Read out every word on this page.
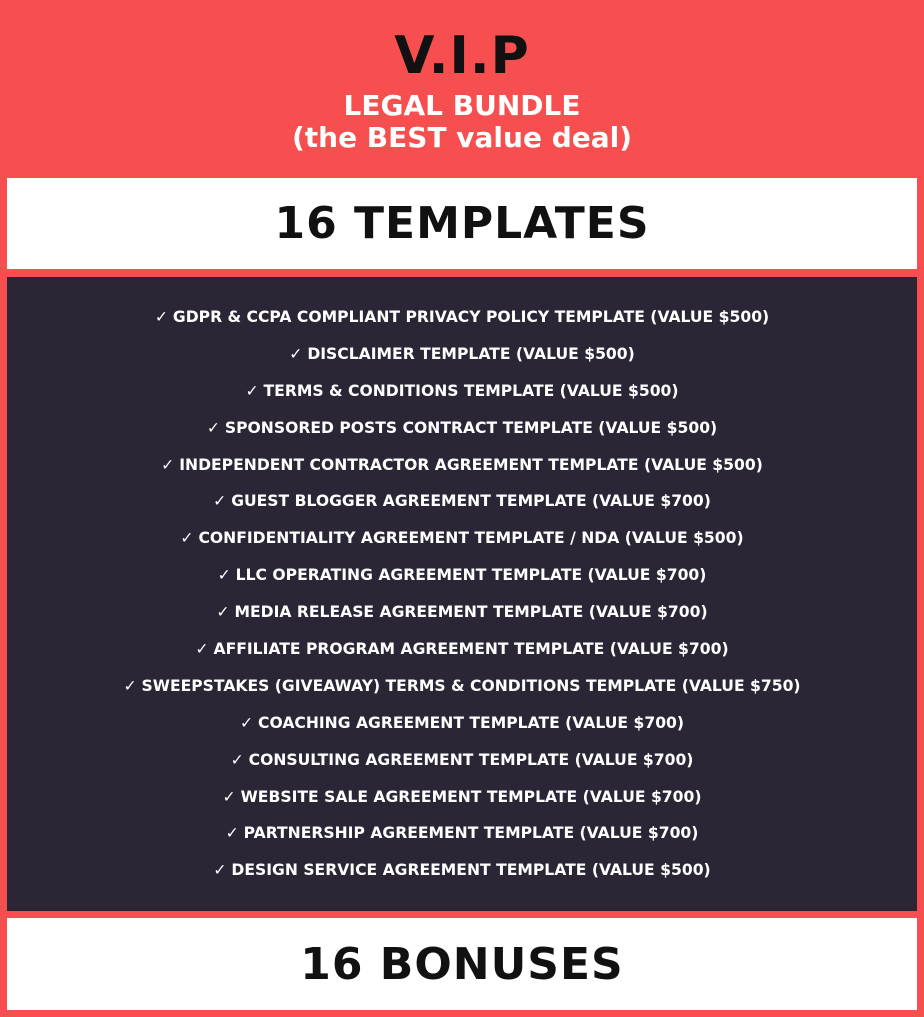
V.I.P
LEGAL BUNDLE
(the BEST value deal)
16 TEMPLATES
✓ GDPR & CCPA COMPLIANT PRIVACY POLICY TEMPLATE (VALUE $500)
✓ DISCLAIMER TEMPLATE (VALUE $500)
✓ TERMS & CONDITIONS TEMPLATE (VALUE $500)
✓ SPONSORED POSTS CONTRACT TEMPLATE (VALUE $500)
✓ INDEPENDENT CONTRACTOR AGREEMENT TEMPLATE (VALUE $500)
✓ GUEST BLOGGER AGREEMENT TEMPLATE (VALUE $700)
✓ CONFIDENTIALITY AGREEMENT TEMPLATE / NDA (VALUE $500)
✓ LLC OPERATING AGREEMENT TEMPLATE (VALUE $700)
✓ MEDIA RELEASE AGREEMENT TEMPLATE (VALUE $700)
✓ AFFILIATE PROGRAM AGREEMENT TEMPLATE (VALUE $700)
✓ SWEEPSTAKES (GIVEAWAY) TERMS & CONDITIONS TEMPLATE (VALUE $750)
✓ COACHING AGREEMENT TEMPLATE (VALUE $700)
✓ CONSULTING AGREEMENT TEMPLATE (VALUE $700)
✓ WEBSITE SALE AGREEMENT TEMPLATE (VALUE $700)
✓ PARTNERSHIP AGREEMENT TEMPLATE (VALUE $700)
✓ DESIGN SERVICE AGREEMENT TEMPLATE (VALUE $500)
16 BONUSES
